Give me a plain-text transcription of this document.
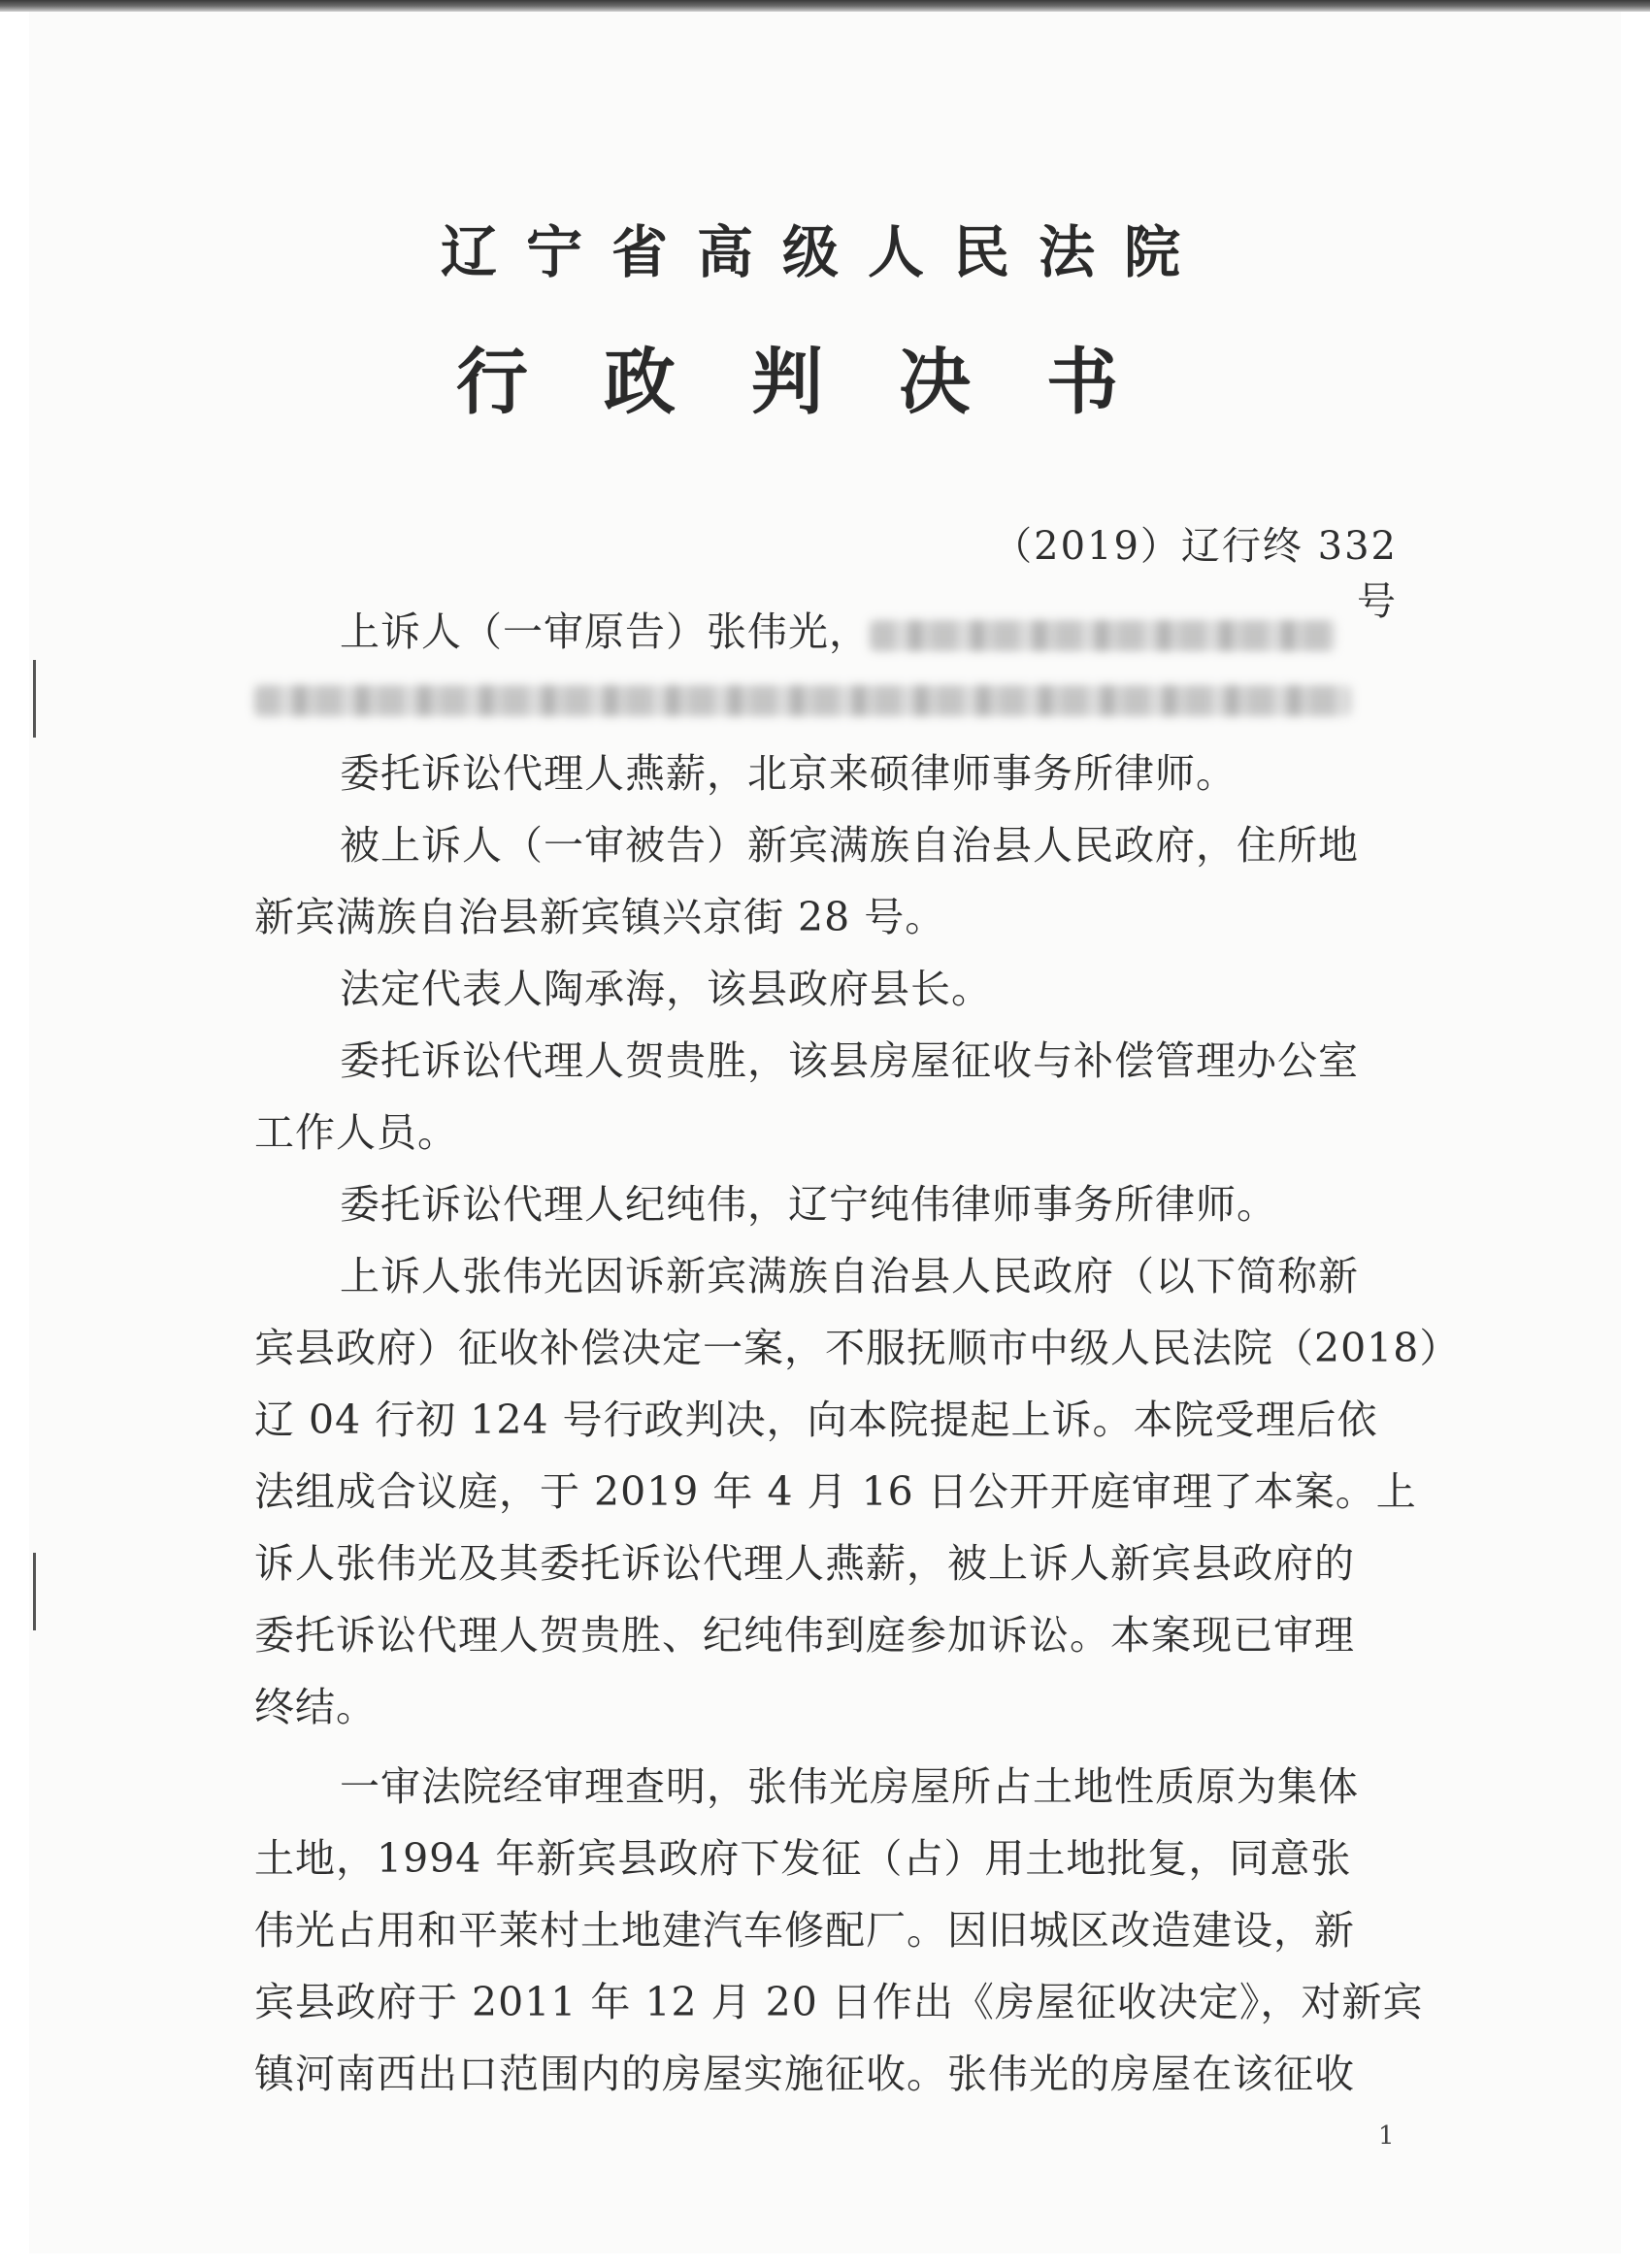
辽宁省高级人民法院
行政判决书
（2019）辽行终 332 号
上诉人（一审原告）张伟光，
委托诉讼代理人燕薪，北京来硕律师事务所律师。
被上诉人（一审被告）新宾满族自治县人民政府，住所地
新宾满族自治县新宾镇兴京街 28 号。
法定代表人陶承海，该县政府县长。
委托诉讼代理人贺贵胜，该县房屋征收与补偿管理办公室
工作人员。
委托诉讼代理人纪纯伟，辽宁纯伟律师事务所律师。
上诉人张伟光因诉新宾满族自治县人民政府（以下简称新
宾县政府）征收补偿决定一案，不服抚顺市中级人民法院（2018）
辽 04 行初 124 号行政判决，向本院提起上诉。本院受理后依
法组成合议庭，于 2019 年 4 月 16 日公开开庭审理了本案。上
诉人张伟光及其委托诉讼代理人燕薪，被上诉人新宾县政府的
委托诉讼代理人贺贵胜、纪纯伟到庭参加诉讼。本案现已审理
终结。
一审法院经审理查明，张伟光房屋所占土地性质原为集体
土地，1994 年新宾县政府下发征（占）用土地批复，同意张
伟光占用和平莱村土地建汽车修配厂。因旧城区改造建设，新
宾县政府于 2011 年 12 月 20 日作出《房屋征收决定》，对新宾
镇河南西出口范围内的房屋实施征收。张伟光的房屋在该征收
1
